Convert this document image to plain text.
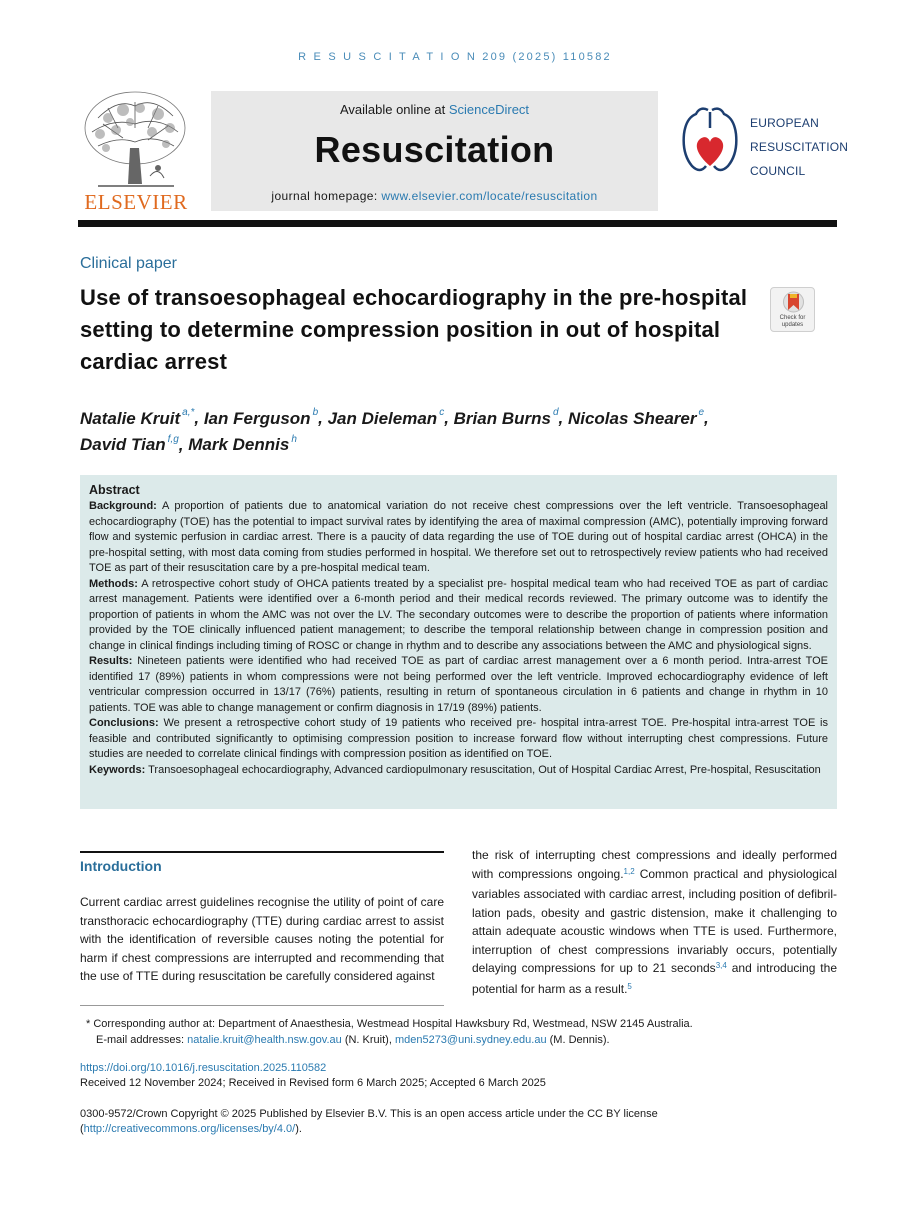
R E S U S C I T A T I O N 209 (2025) 110582
ELSEVIER
Available online at ScienceDirect
Resuscitation
journal homepage: www.elsevier.com/locate/resuscitation
EUROPEAN
RESUSCITATION
COUNCIL
Clinical paper
Use of transoesophageal echocardiography in the pre-hospital setting to determine compression position in out of hospital cardiac arrest
Check for
updates
Natalie Kruit $^{a,*}$, Ian Ferguson $^b$, Jan Dieleman $^c$, Brian Burns $^d$, Nicolas Shearer $^e$,
David Tian $^{f,g}$, Mark Dennis $^h$
Abstract

Background: A proportion of patients due to anatomical variation do not receive chest compressions over the left ventricle. Transoesophageal echocardiography (TOE) has the potential to impact survival rates by identifying the area of maximal compression (AMC), potentially improving forward flow and systemic perfusion in cardiac arrest. There is a paucity of data regarding the use of TOE during out of hospital cardiac arrest (OHCA) in the pre-hospital setting, with most data coming from studies performed in hospital. We therefore set out to retrospectively review patients who had received TOE as part of their resuscitation care by a pre-hospital medical team.

Methods: A retrospective cohort study of OHCA patients treated by a specialist pre- hospital medical team who had received TOE as part of cardiac arrest management. Patients were identified over a 6-month period and their medical records reviewed. The primary outcome was to identify the proportion of patients in whom the AMC was not over the LV. The secondary outcomes were to describe the proportion of patients where information provided by the TOE clinically influenced patient management; to describe the temporal relationship between change in compression position and change in clinical findings including timing of ROSC or change in rhythm and to describe any associations between the AMC and physiological signs.

Results: Nineteen patients were identified who had received TOE as part of cardiac arrest management over a 6 month period. Intra-arrest TOE identified 17 (89%) patients in whom compressions were not being performed over the left ventricle. Improved echocardiography evidence of left ventricular compression occurred in 13/17 (76%) patients, resulting in return of spontaneous circulation in 6 patients and change in rhythm in 10 patients. TOE was able to change management or confirm diagnosis in 17/19 (89%) patients.

Conclusions: We present a retrospective cohort study of 19 patients who received pre- hospital intra-arrest TOE. Pre-hospital intra-arrest TOE is feasible and contributed significantly to optimising compression position to increase forward flow without interrupting chest compressions. Future studies are needed to correlate clinical findings with compression position as identified on TOE.

Keywords: Transoesophageal echocardiography, Advanced cardiopulmonary resuscitation, Out of Hospital Cardiac Arrest, Pre-hospital, Resuscitation

Introduction
Current cardiac arrest guidelines recognise the utility of point of care transthoracic echocardiography (TTE) during cardiac arrest to assist with the identification of reversible causes noting the potential for harm if chest compressions are interrupted and recommending that the use of TTE during resuscitation be carefully considered against
the risk of interrupting chest compressions and ideally performed with compressions ongoing.$^{1,2}$ Common practical and physiological variables associated with cardiac arrest, including position of defibril-lation pads, obesity and gastric distension, make it challenging to attain adequate acoustic windows when TTE is used. Furthermore, interruption of chest compressions invariably occurs, potentially delaying compressions for up to 21 seconds$^{3,4}$ and introducing the potential for harm as a result.$^5$
* Corresponding author at: Department of Anaesthesia, Westmead Hospital Hawksbury Rd, Westmead, NSW 2145 Australia.
E-mail addresses: natalie.kruit@health.nsw.gov.au (N. Kruit), mden5273@uni.sydney.edu.au (M. Dennis).
https://doi.org/10.1016/j.resuscitation.2025.110582
Received 12 November 2024; Received in Revised form 6 March 2025; Accepted 6 March 2025
0300-9572/Crown Copyright © 2025 Published by Elsevier B.V. This is an open access article under the CC BY license (http://creativecommons.org/licenses/by/4.0/).
